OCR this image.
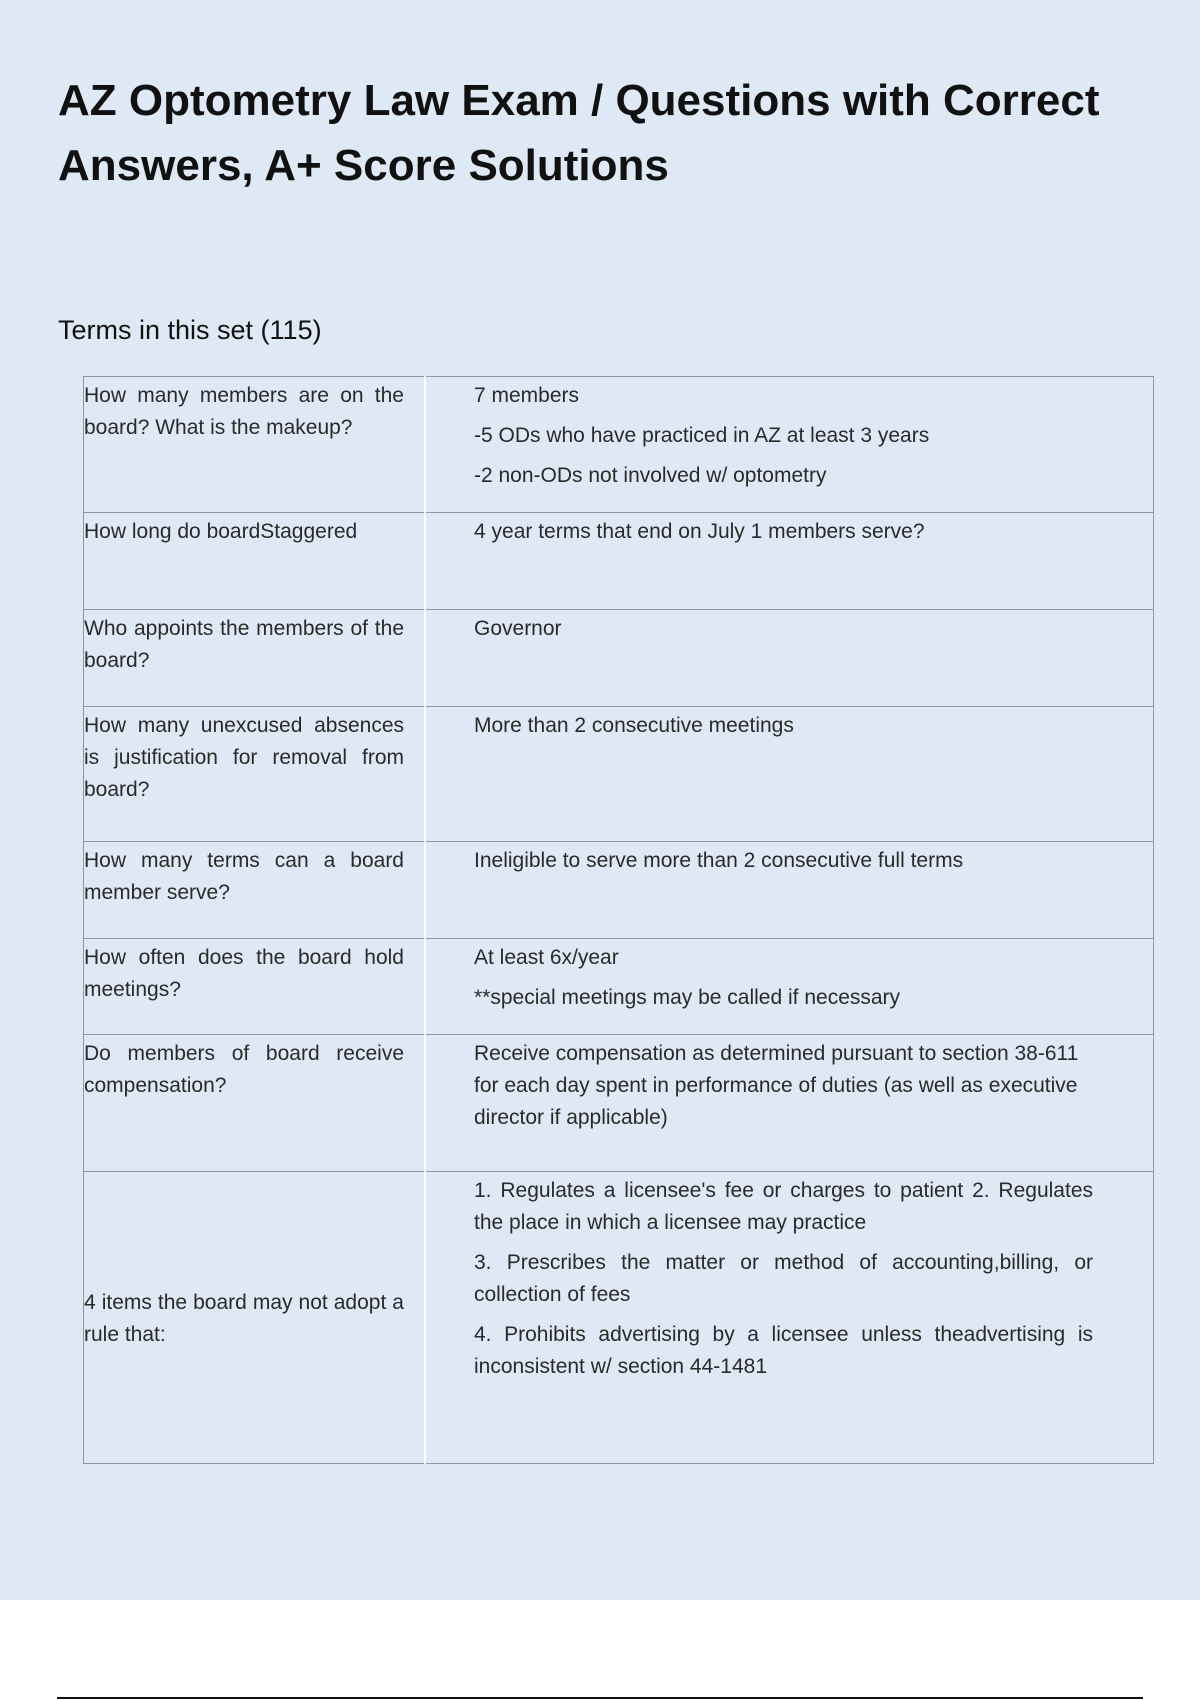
AZ Optometry Law Exam / Questions with Correct Answers, A+ Score Solutions
Terms in this set (115)
How many members are on the board? What is the makeup?	7 members
-5 ODs who have practiced in AZ at least 3 years
-2 non-ODs not involved w/ optometry

How long do boardStaggered	4 year terms that end on July 1 members serve?

Who appoints the members of the board?	Governor

How many unexcused absences is justification for removal from board?	More than 2 consecutive meetings

How many terms can a board member serve?	Ineligible to serve more than 2 consecutive full terms

How often does the board hold meetings?	At least 6x/year
**special meetings may be called if necessary

Do members of board receive compensation?	Receive compensation as determined pursuant to section 38-611 for each day spent in performance of duties (as well as executive director if applicable)

4 items the board may not adopt a rule that:	1. Regulates a licensee's fee or charges to patient 2. Regulates the place in which a licensee may practice
3. Prescribes the matter or method of accounting,billing, or collection of fees
4. Prohibits advertising by a licensee unless theadvertising is inconsistent w/ section 44-1481
